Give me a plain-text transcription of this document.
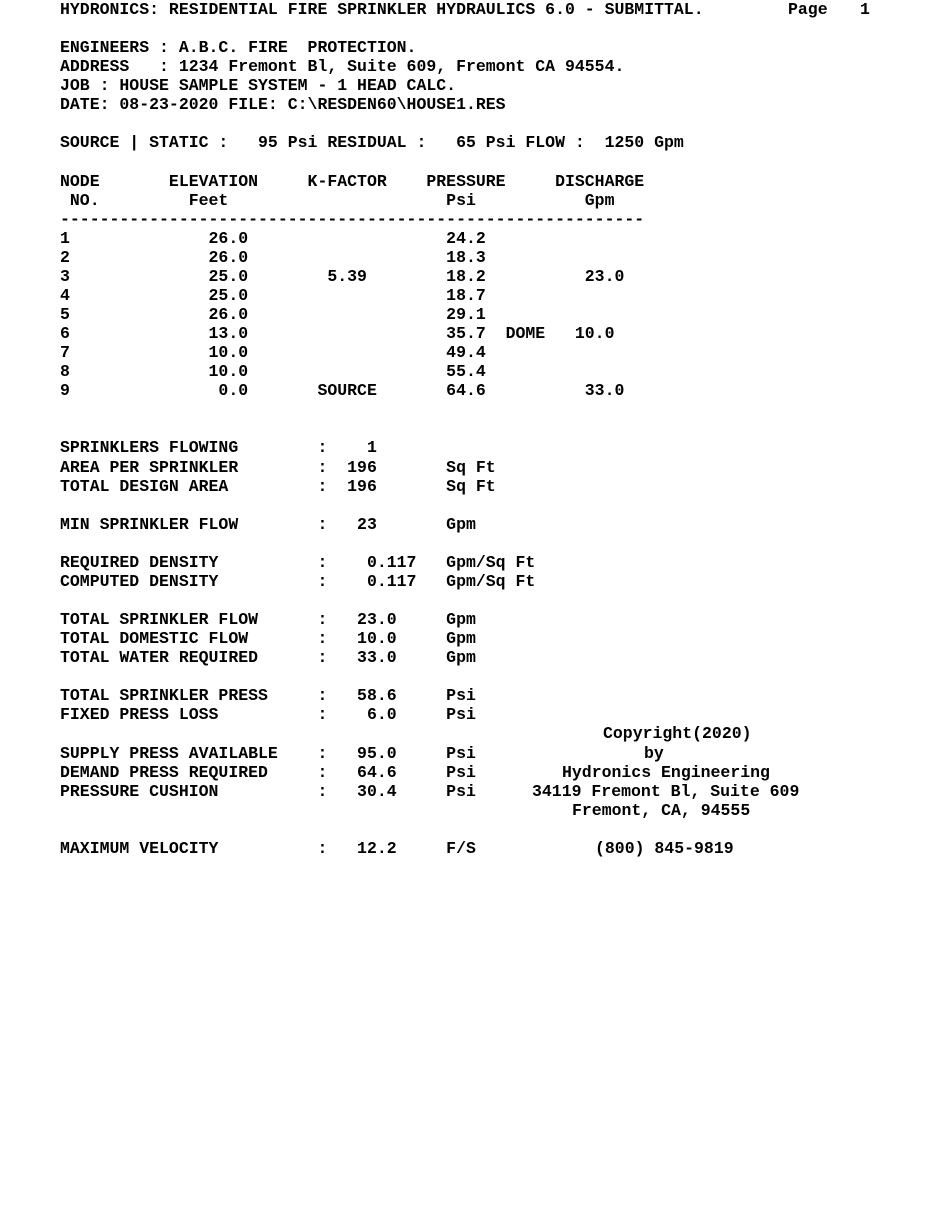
HYDRONICS: RESIDENTIAL FIRE SPRINKLER HYDRAULICS 6.0 - SUBMITTAL.	Page 1
ENGINEERS : A.B.C. FIRE  PROTECTION.
ADDRESS   : 1234 Fremont Bl, Suite 609, Fremont CA 94554.
JOB : HOUSE SAMPLE SYSTEM - 1 HEAD CALC.
DATE: 08-23-2020 FILE: C:\RESDEN60\HOUSE1.RES
SOURCE | STATIC :   95 Psi RESIDUAL :   65 Psi FLOW :  1250 Gpm
NODE       ELEVATION     K-FACTOR    PRESSURE     DISCHARGE
NO.         Feet                      Psi           Gpm
-----------------------------------------------------------
1              26.0                    24.2
2              26.0                    18.3
3              25.0        5.39        18.2          23.0
4              25.0                    18.7
5              26.0                    29.1
6              13.0                    35.7  DOME   10.0
7              10.0                    49.4
8              10.0                    55.4
9               0.0       SOURCE       64.6          33.0
SPRINKLERS FLOWING        :    1
AREA PER SPRINKLER        :  196       Sq Ft
TOTAL DESIGN AREA         :  196       Sq Ft
MIN SPRINKLER FLOW        :   23       Gpm
REQUIRED DENSITY          :    0.117   Gpm/Sq Ft
COMPUTED DENSITY          :    0.117   Gpm/Sq Ft
TOTAL SPRINKLER FLOW      :   23.0     Gpm
TOTAL DOMESTIC FLOW       :   10.0     Gpm
TOTAL WATER REQUIRED      :   33.0     Gpm
TOTAL SPRINKLER PRESS     :   58.6     Psi
FIXED PRESS LOSS          :    6.0     Psi
SUPPLY PRESS AVAILABLE    :   95.0     Psi
DEMAND PRESS REQUIRED     :   64.6     Psi
PRESSURE CUSHION          :   30.4     Psi
MAXIMUM VELOCITY          :   12.2     F/S
Copyright(2020)
by
Hydronics Engineering
34119 Fremont Bl, Suite 609
Fremont, CA, 94555
(800) 845-9819
